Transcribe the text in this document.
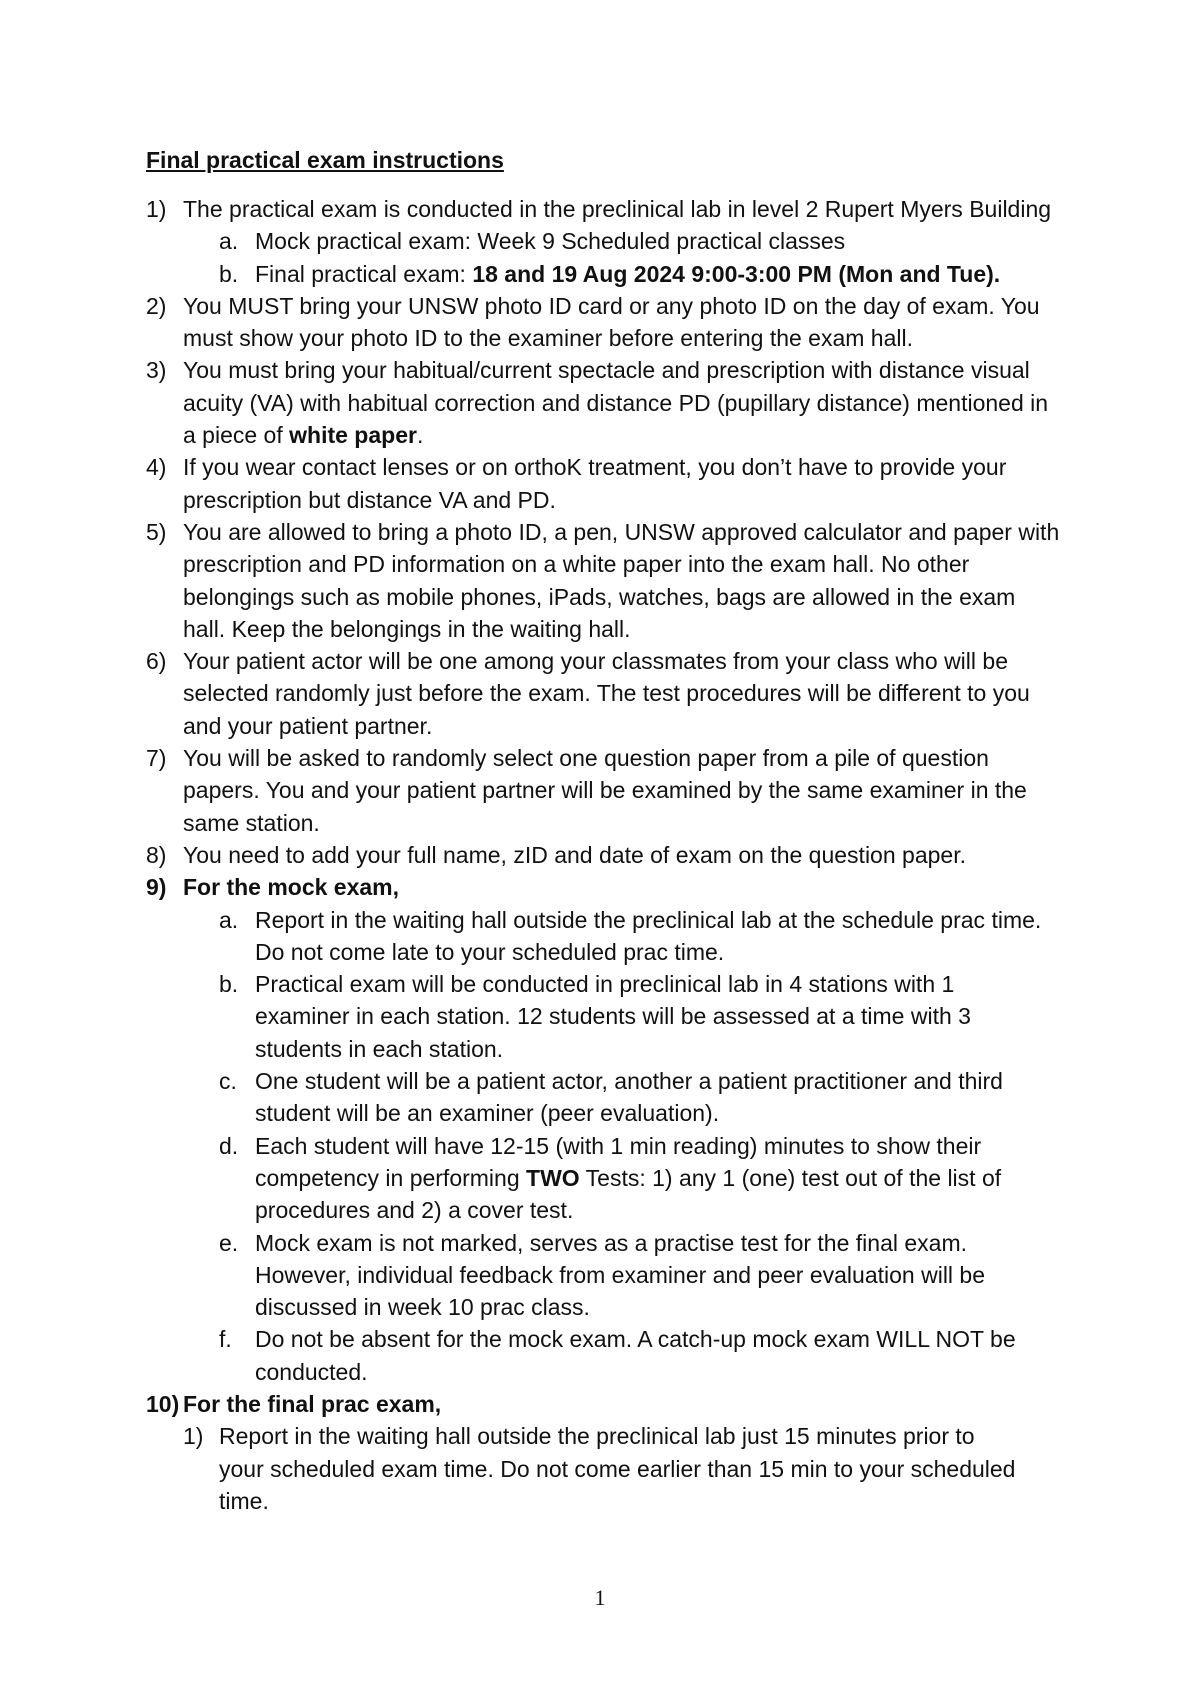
Final practical exam instructions
1) The practical exam is conducted in the preclinical lab in level 2 Rupert Myers Building
a. Mock practical exam: Week 9 Scheduled practical classes
b. Final practical exam: 18 and 19 Aug 2024 9:00-3:00 PM (Mon and Tue).
2) You MUST bring your UNSW photo ID card or any photo ID on the day of exam. You must show your photo ID to the examiner before entering the exam hall.
3) You must bring your habitual/current spectacle and prescription with distance visual acuity (VA) with habitual correction and distance PD (pupillary distance) mentioned in a piece of white paper.
4) If you wear contact lenses or on orthoK treatment, you don’t have to provide your prescription but distance VA and PD.
5) You are allowed to bring a photo ID, a pen, UNSW approved calculator and paper with prescription and PD information on a white paper into the exam hall. No other belongings such as mobile phones, iPads, watches, bags are allowed in the exam hall. Keep the belongings in the waiting hall.
6) Your patient actor will be one among your classmates from your class who will be selected randomly just before the exam. The test procedures will be different to you and your patient partner.
7) You will be asked to randomly select one question paper from a pile of question papers. You and your patient partner will be examined by the same examiner in the same station.
8) You need to add your full name, zID and date of exam on the question paper.
9) For the mock exam,
a. Report in the waiting hall outside the preclinical lab at the schedule prac time. Do not come late to your scheduled prac time.
b. Practical exam will be conducted in preclinical lab in 4 stations with 1 examiner in each station. 12 students will be assessed at a time with 3 students in each station.
c. One student will be a patient actor, another a patient practitioner and third student will be an examiner (peer evaluation).
d. Each student will have 12-15 (with 1 min reading) minutes to show their competency in performing TWO Tests: 1) any 1 (one) test out of the list of procedures and 2) a cover test.
e. Mock exam is not marked, serves as a practise test for the final exam. However, individual feedback from examiner and peer evaluation will be discussed in week 10 prac class.
f. Do not be absent for the mock exam. A catch-up mock exam WILL NOT be conducted.
10) For the final prac exam,
1) Report in the waiting hall outside the preclinical lab just 15 minutes prior to your scheduled exam time. Do not come earlier than 15 min to your scheduled time.
1
